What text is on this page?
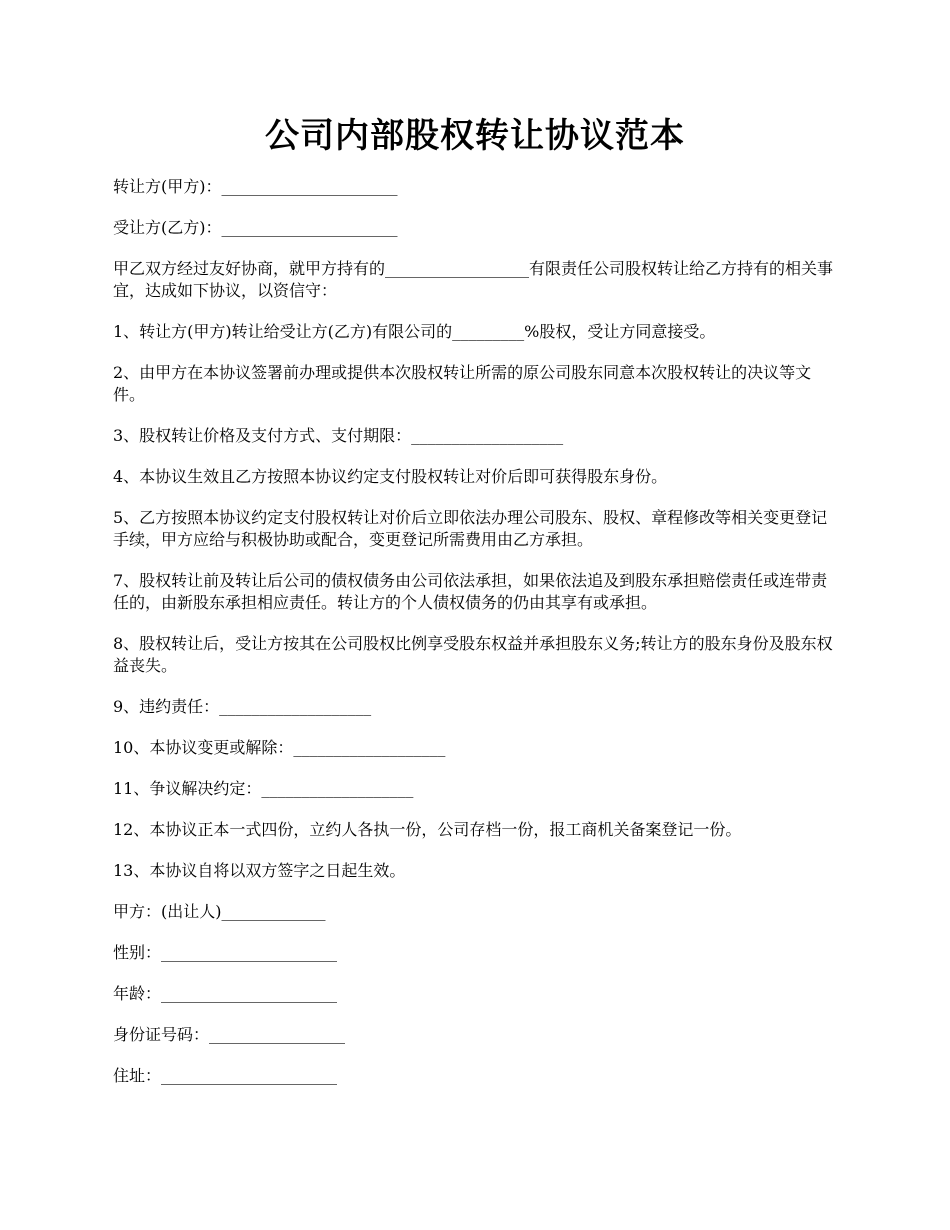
公司内部股权转让协议范本

转让方(甲方)：______________________

受让方(乙方)：______________________

甲乙双方经过友好协商，就甲方持有的__________________有限责任公司股权转让给乙方持有的相关事宜，达成如下协议，以资信守：

1、转让方(甲方)转让给受让方(乙方)有限公司的_________%股权，受让方同意接受。

2、由甲方在本协议签署前办理或提供本次股权转让所需的原公司股东同意本次股权转让的决议等文件。

3、股权转让价格及支付方式、支付期限：___________________

4、本协议生效且乙方按照本协议约定支付股权转让对价后即可获得股东身份。

5、乙方按照本协议约定支付股权转让对价后立即依法办理公司股东、股权、章程修改等相关变更登记手续，甲方应给与积极协助或配合，变更登记所需费用由乙方承担。

7、股权转让前及转让后公司的债权债务由公司依法承担，如果依法追及到股东承担赔偿责任或连带责任的，由新股东承担相应责任。转让方的个人债权债务的仍由其享有或承担。

8、股权转让后，受让方按其在公司股权比例享受股东权益并承担股东义务;转让方的股东身份及股东权益丧失。

9、违约责任：___________________

10、本协议变更或解除：___________________

11、争议解决约定：___________________

12、本协议正本一式四份，立约人各执一份，公司存档一份，报工商机关备案登记一份。

13、本协议自将以双方签字之日起生效。

甲方：(出让人)_____________

性别：______________________

年龄：______________________

身份证号码：_________________

住址：______________________
